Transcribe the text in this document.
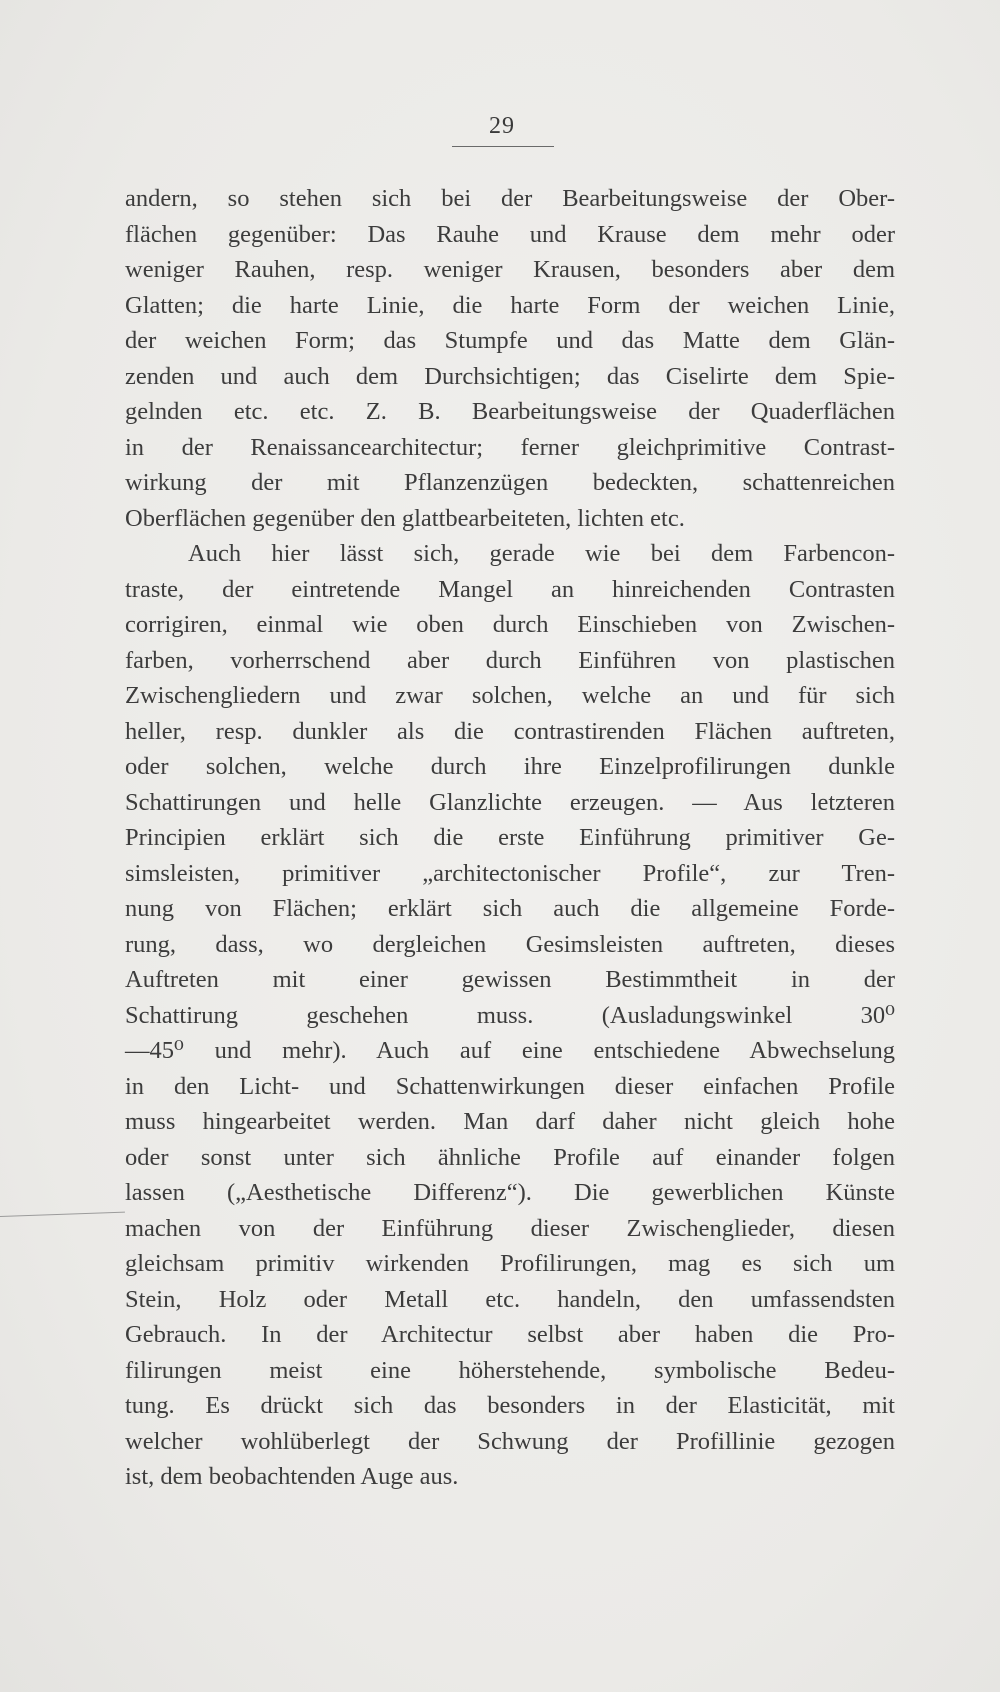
29
andern, so stehen sich bei der Bearbeitungsweise der Ober-
flächen gegenüber: Das Rauhe und Krause dem mehr oder
weniger Rauhen, resp. weniger Krausen, besonders aber dem
Glatten; die harte Linie, die harte Form der weichen Linie,
der weichen Form; das Stumpfe und das Matte dem Glän-
zenden und auch dem Durchsichtigen; das Ciselirte dem Spie-
gelnden etc. etc. Z. B. Bearbeitungsweise der Quaderflächen
in der Renaissancearchitectur; ferner gleichprimitive Contrast-
wirkung der mit Pflanzenzügen bedeckten, schattenreichen
Oberflächen gegenüber den glattbearbeiteten, lichten etc.
Auch hier lässt sich, gerade wie bei dem Farbencon-
traste, der eintretende Mangel an hinreichenden Contrasten
corrigiren, einmal wie oben durch Einschieben von Zwischen-
farben, vorherrschend aber durch Einführen von plastischen
Zwischengliedern und zwar solchen, welche an und für sich
heller, resp. dunkler als die contrastirenden Flächen auftreten,
oder solchen, welche durch ihre Einzelprofilirungen dunkle
Schattirungen und helle Glanzlichte erzeugen. — Aus letzteren
Principien erklärt sich die erste Einführung primitiver Ge-
simsleisten, primitiver „architectonischer Profile“, zur Tren-
nung von Flächen; erklärt sich auch die allgemeine Forde-
rung, dass, wo dergleichen Gesimsleisten auftreten, dieses
Auftreten mit einer gewissen Bestimmtheit in der
Schattirung geschehen muss. (Ausladungswinkel 30⁰
—45⁰ und mehr). Auch auf eine entschiedene Abwechselung
in den Licht- und Schattenwirkungen dieser einfachen Profile
muss hingearbeitet werden. Man darf daher nicht gleich hohe
oder sonst unter sich ähnliche Profile auf einander folgen
lassen („Aesthetische Differenz“). Die gewerblichen Künste
machen von der Einführung dieser Zwischenglieder, diesen
gleichsam primitiv wirkenden Profilirungen, mag es sich um
Stein, Holz oder Metall etc. handeln, den umfassendsten
Gebrauch. In der Architectur selbst aber haben die Pro-
filirungen meist eine höherstehende, symbolische Bedeu-
tung. Es drückt sich das besonders in der Elasticität, mit
welcher wohlüberlegt der Schwung der Profillinie gezogen
ist, dem beobachtenden Auge aus.
